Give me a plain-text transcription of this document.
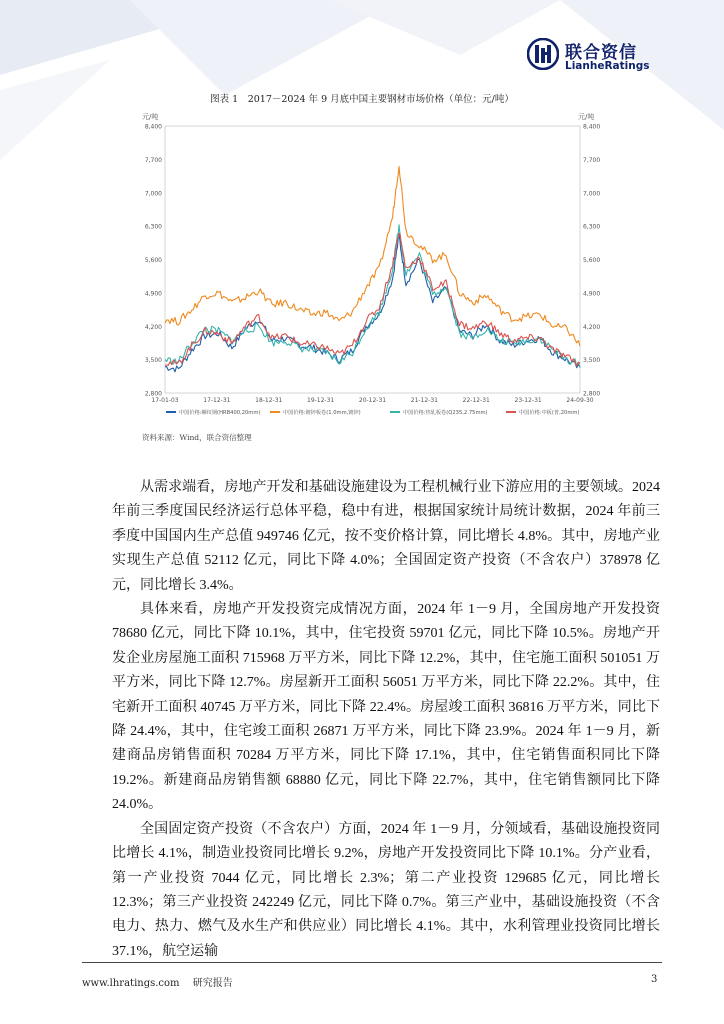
联合资信
LianheRatings
图表 1　2017－2024 年 9 月底中国主要钢材市场价格（单位：元/吨）
元/吨	元/吨
2,800	2,800
3,500	3,500
4,200	4,200
4,900	4,900
5,600	5,600
6,300	6,300
7,000	7,000
7,700	7,700
8,400	8,400
17-01-03	17-12-31	18-12-31	19-12-31	20-12-31	21-12-31	22-12-31	23-12-31	24-09-30
中国价格:螺纹钢(HRB400,20mm)	中国价格:镀锌板卷(1.0mm,镀锌)	中国价格:热轧板卷(Q235,2.75mm)	中国价格:中板(普,20mm)
资料来源：Wind，联合资信整理

从需求端看，房地产开发和基础设施建设为工程机械行业下游应用的主要领域。2024 年前三季度国民经济运行总体平稳，稳中有进，根据国家统计局统计数据，2024 年前三季度中国国内生产总值 949746 亿元，按不变价格计算，同比增长 4.8%。其中，房地产业实现生产总值 52112 亿元，同比下降 4.0%；全国固定资产投资（不含农户）378978 亿元，同比增长 3.4%。

具体来看，房地产开发投资完成情况方面，2024 年 1－9 月，全国房地产开发投资 78680 亿元，同比下降 10.1%，其中，住宅投资 59701 亿元，同比下降 10.5%。房地产开发企业房屋施工面积 715968 万平方米，同比下降 12.2%，其中，住宅施工面积 501051 万平方米，同比下降 12.7%。房屋新开工面积 56051 万平方米，同比下降 22.2%。其中，住宅新开工面积 40745 万平方米，同比下降 22.4%。房屋竣工面积 36816 万平方米，同比下降 24.4%，其中，住宅竣工面积 26871 万平方米，同比下降 23.9%。2024 年 1－9 月，新建商品房销售面积 70284 万平方米，同比下降 17.1%，其中，住宅销售面积同比下降 19.2%。新建商品房销售额 68880 亿元，同比下降 22.7%，其中，住宅销售额同比下降 24.0%。

全国固定资产投资（不含农户）方面，2024 年 1－9 月，分领域看，基础设施投资同比增长 4.1%，制造业投资同比增长 9.2%，房地产开发投资同比下降 10.1%。分产业看，第一产业投资 7044 亿元，同比增长 2.3%；第二产业投资 129685 亿元，同比增长 12.3%；第三产业投资 242249 亿元，同比下降 0.7%。第三产业中，基础设施投资（不含电力、热力、燃气及水生产和供应业）同比增长 4.1%。其中，水利管理业投资同比增长 37.1%，航空运输

www.lhratings.com　 研究报告	3
